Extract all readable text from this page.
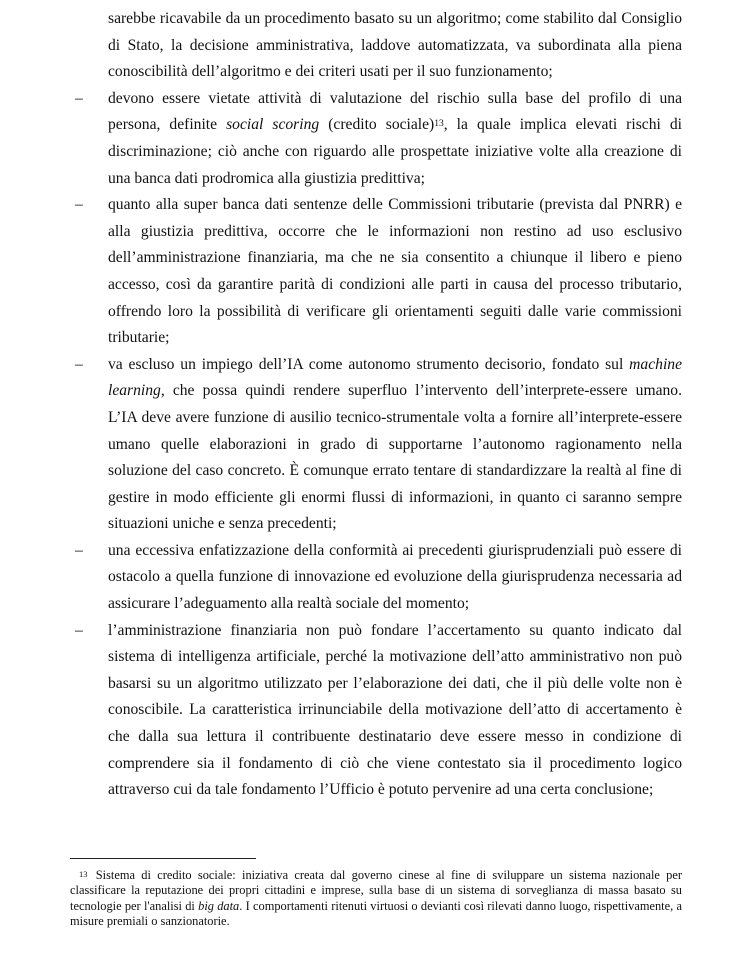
sarebbe ricavabile da un procedimento basato su un algoritmo; come stabilito dal Consiglio di Stato, la decisione amministrativa, laddove automatizzata, va subordinata alla piena conoscibilità dell’algoritmo e dei criteri usati per il suo funzionamento;

– devono essere vietate attività di valutazione del rischio sulla base del profilo di una persona, definite social scoring (credito sociale)$^{13}$, la quale implica elevati rischi di discriminazione; ciò anche con riguardo alle prospettate iniziative volte alla creazione di una banca dati prodromica alla giustizia predittiva;

– quanto alla super banca dati sentenze delle Commissioni tributarie (prevista dal PNRR) e alla giustizia predittiva, occorre che le informazioni non restino ad uso esclusivo dell’amministrazione finanziaria, ma che ne sia consentito a chiunque il libero e pieno accesso, così da garantire parità di condizioni alle parti in causa del processo tributario, offrendo loro la possibilità di verificare gli orientamenti seguiti dalle varie commissioni tributarie;

– va escluso un impiego dell’IA come autonomo strumento decisorio, fondato sul machine learning, che possa quindi rendere superfluo l’intervento dell’interprete-essere umano. L’IA deve avere funzione di ausilio tecnico-strumentale volta a fornire all’interprete-essere umano quelle elaborazioni in grado di supportarne l’autonomo ragionamento nella soluzione del caso concreto. È comunque errato tentare di standardizzare la realtà al fine di gestire in modo efficiente gli enormi flussi di informazioni, in quanto ci saranno sempre situazioni uniche e senza precedenti;

– una eccessiva enfatizzazione della conformità ai precedenti giurisprudenziali può essere di ostacolo a quella funzione di innovazione ed evoluzione della giurisprudenza necessaria ad assicurare l’adeguamento alla realtà sociale del momento;

– l’amministrazione finanziaria non può fondare l’accertamento su quanto indicato dal sistema di intelligenza artificiale, perché la motivazione dell’atto amministrativo non può basarsi su un algoritmo utilizzato per l’elaborazione dei dati, che il più delle volte non è conoscibile. La caratteristica irrinunciabile della motivazione dell’atto di accertamento è che dalla sua lettura il contribuente destinatario deve essere messo in condizione di comprendere sia il fondamento di ciò che viene contestato sia il procedimento logico attraverso cui da tale fondamento l’Ufficio è potuto pervenire ad una certa conclusione;

$^{13}$ Sistema di credito sociale: iniziativa creata dal governo cinese al fine di sviluppare un sistema nazionale per classificare la reputazione dei propri cittadini e imprese, sulla base di un sistema di sorveglianza di massa basato su tecnologie per l'analisi di big data. I comportamenti ritenuti virtuosi o devianti così rilevati danno luogo, rispettivamente, a misure premiali o sanzionatorie.
